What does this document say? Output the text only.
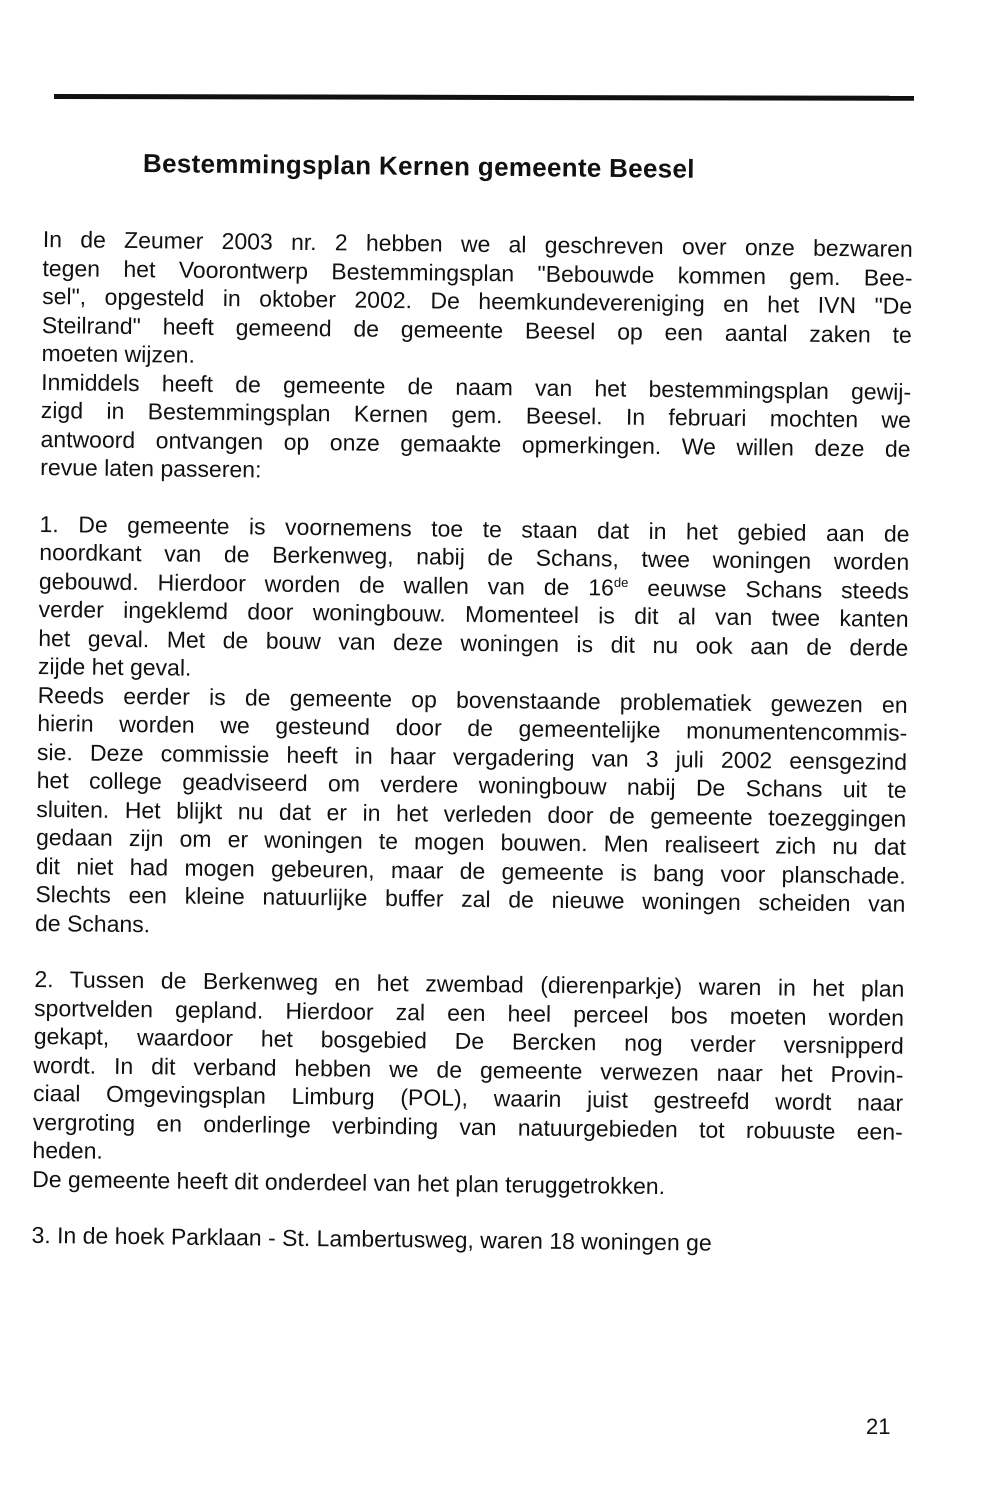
Bestemmingsplan Kernen gemeente Beesel
In de Zeumer 2003 nr. 2 hebben we al geschreven over onze bezwaren
tegen het Voorontwerp Bestemmingsplan "Bebouwde kommen gem. Bee-
sel", opgesteld in oktober 2002. De heemkundevereniging en het IVN "De
Steilrand" heeft gemeend de gemeente Beesel op een aantal zaken te
moeten wijzen.
Inmiddels heeft de gemeente de naam van het bestemmingsplan gewij-
zigd in Bestemmingsplan Kernen gem. Beesel. In februari mochten we
antwoord ontvangen op onze gemaakte opmerkingen. We willen deze de
revue laten passeren:
1. De gemeente is voornemens toe te staan dat in het gebied aan de
noordkant van de Berkenweg, nabij de Schans, twee woningen worden
gebouwd. Hierdoor worden de wallen van de 16de eeuwse Schans steeds
verder ingeklemd door woningbouw. Momenteel is dit al van twee kanten
het geval. Met de bouw van deze woningen is dit nu ook aan de derde
zijde het geval.
Reeds eerder is de gemeente op bovenstaande problematiek gewezen en
hierin worden we gesteund door de gemeentelijke monumentencommis-
sie. Deze commissie heeft in haar vergadering van 3 juli 2002 eensgezind
het college geadviseerd om verdere woningbouw nabij De Schans uit te
sluiten. Het blijkt nu dat er in het verleden door de gemeente toezeggingen
gedaan zijn om er woningen te mogen bouwen. Men realiseert zich nu dat
dit niet had mogen gebeuren, maar de gemeente is bang voor planschade.
Slechts een kleine natuurlijke buffer zal de nieuwe woningen scheiden van
de Schans.
2. Tussen de Berkenweg en het zwembad (dierenparkje) waren in het plan
sportvelden gepland. Hierdoor zal een heel perceel bos moeten worden
gekapt, waardoor het bosgebied De Bercken nog verder versnipperd
wordt. In dit verband hebben we de gemeente verwezen naar het Provin-
ciaal Omgevingsplan Limburg (POL), waarin juist gestreefd wordt naar
vergroting en onderlinge verbinding van natuurgebieden tot robuuste een-
heden.
De gemeente heeft dit onderdeel van het plan teruggetrokken.
3. In de hoek Parklaan - St. Lambertusweg, waren 18 woningen ge
21
